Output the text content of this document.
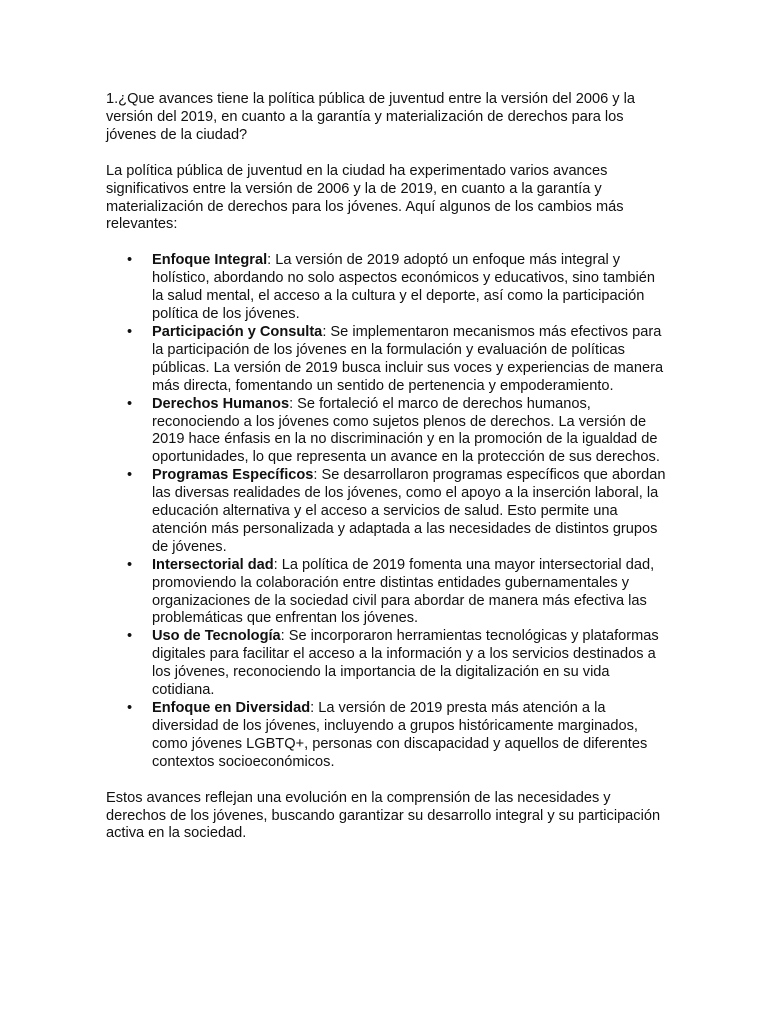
1.¿Que avances tiene la política pública de juventud entre la versión del 2006 y la versión del 2019, en cuanto a la garantía y materialización de derechos para los jóvenes de la ciudad?

La política pública de juventud en la ciudad ha experimentado varios avances significativos entre la versión de 2006 y la de 2019, en cuanto a la garantía y materialización de derechos para los jóvenes. Aquí algunos de los cambios más relevantes:

• Enfoque Integral: La versión de 2019 adoptó un enfoque más integral y holístico, abordando no solo aspectos económicos y educativos, sino también la salud mental, el acceso a la cultura y el deporte, así como la participación política de los jóvenes.
• Participación y Consulta: Se implementaron mecanismos más efectivos para la participación de los jóvenes en la formulación y evaluación de políticas públicas. La versión de 2019 busca incluir sus voces y experiencias de manera más directa, fomentando un sentido de pertenencia y empoderamiento.
• Derechos Humanos: Se fortaleció el marco de derechos humanos, reconociendo a los jóvenes como sujetos plenos de derechos. La versión de 2019 hace énfasis en la no discriminación y en la promoción de la igualdad de oportunidades, lo que representa un avance en la protección de sus derechos.
• Programas Específicos: Se desarrollaron programas específicos que abordan las diversas realidades de los jóvenes, como el apoyo a la inserción laboral, la educación alternativa y el acceso a servicios de salud. Esto permite una atención más personalizada y adaptada a las necesidades de distintos grupos de jóvenes.
• Intersectorial dad: La política de 2019 fomenta una mayor intersectorial dad, promoviendo la colaboración entre distintas entidades gubernamentales y organizaciones de la sociedad civil para abordar de manera más efectiva las problemáticas que enfrentan los jóvenes.
• Uso de Tecnología: Se incorporaron herramientas tecnológicas y plataformas digitales para facilitar el acceso a la información y a los servicios destinados a los jóvenes, reconociendo la importancia de la digitalización en su vida cotidiana.
• Enfoque en Diversidad: La versión de 2019 presta más atención a la diversidad de los jóvenes, incluyendo a grupos históricamente marginados, como jóvenes LGBTQ+, personas con discapacidad y aquellos de diferentes contextos socioeconómicos.

Estos avances reflejan una evolución en la comprensión de las necesidades y derechos de los jóvenes, buscando garantizar su desarrollo integral y su participación activa en la sociedad.
